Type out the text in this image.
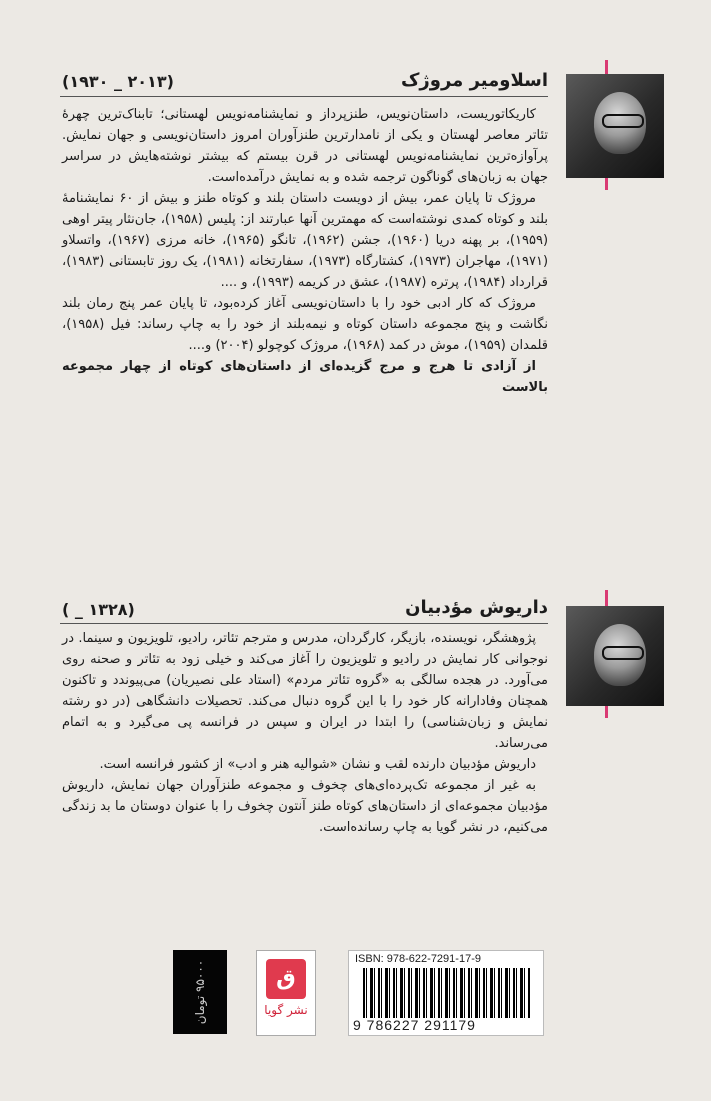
اسلاومیر مروژک
(۱۹۳۰ _ ۲۰۱۳)

کاریکاتوریست، داستان‌نویس، طنزپرداز و نمایشنامه‌نویس لهستانی؛ تابناک‌ترین چهرهٔ تئاتر معاصر لهستان و یکی از نامدارترین طنزآوران امروز داستان‌نویسی و جهان نمایش. پرآوازه‌ترین نمایشنامه‌نویس لهستانی در قرن بیستم که بیشتر نوشته‌هایش در سراسر جهان به زبان‌های گوناگون ترجمه شده و به نمایش درآمده‌است.

مروژک تا پایان عمر، بیش از دویست داستان بلند و کوتاه طنز و بیش از ۶۰ نمایشنامهٔ بلند و کوتاه کمدی نوشته‌است که مهمترین آنها عبارتند از: پلیس (۱۹۵۸)، جان‌نثار پیتر اوهی (۱۹۵۹)، بر پهنه دریا (۱۹۶۰)، جشن (۱۹۶۲)، تانگو (۱۹۶۵)، خانه مرزی (۱۹۶۷)، واتسلاو (۱۹۷۱)، مهاجران (۱۹۷۳)، کشتارگاه (۱۹۷۳)، سفارتخانه (۱۹۸۱)، یک روز تابستانی (۱۹۸۳)، قرارداد (۱۹۸۴)، پرتره (۱۹۸۷)، عشق در کریمه (۱۹۹۳)، و ....

مروژک که کار ادبی خود را با داستان‌نویسی آغاز کرده‌بود، تا پایان عمر پنج رمان بلند نگاشت و پنج مجموعه داستان کوتاه و نیمه‌بلند از خود را به چاپ رساند: فیل (۱۹۵۸)، قلمدان (۱۹۵۹)، موش در کمد (۱۹۶۸)، مروژک کوچولو (۲۰۰۴) و....

از آزادی تا هرج و مرج گزیده‌ای از داستان‌های کوتاه از چهار مجموعه بالاست

داریوش مؤدبیان
( _ ۱۳۲۸)

پژوهشگر، نویسنده، بازیگر، کارگردان، مدرس و مترجم تئاتر، رادیو، تلویزیون و سینما. در نوجوانی کار نمایش در رادیو و تلویزیون را آغاز می‌کند و خیلی زود به تئاتر و صحنه روی می‌آورد. در هجده سالگی به «گروه تئاتر مردم» (استاد علی نصیریان) می‌پیوندد و تاکنون همچنان وفادارانه کار خود را با این گروه دنبال می‌کند. تحصیلات دانشگاهی (در دو رشته نمایش و زبان‌شناسی) را ابتدا در ایران و سپس در فرانسه پی می‌گیرد و به اتمام می‌رساند.

داریوش مؤدبیان دارنده لقب و نشان «شوالیه هنر و ادب» از کشور فرانسه است.

به غیر از مجموعه تک‌پرده‌ای‌های چخوف و مجموعه طنزآوران جهان نمایش، داریوش مؤدبیان مجموعه‌ای از داستان‌های کوتاه طنز آنتون چخوف را با عنوان دوستان ما بد زندگی می‌کنیم، در نشر گویا به چاپ رسانده‌است.

۹۵۰۰۰ تومان	ق
نشر گویا
ISBN: 978-622-7291-17-9
9 786227 291179
